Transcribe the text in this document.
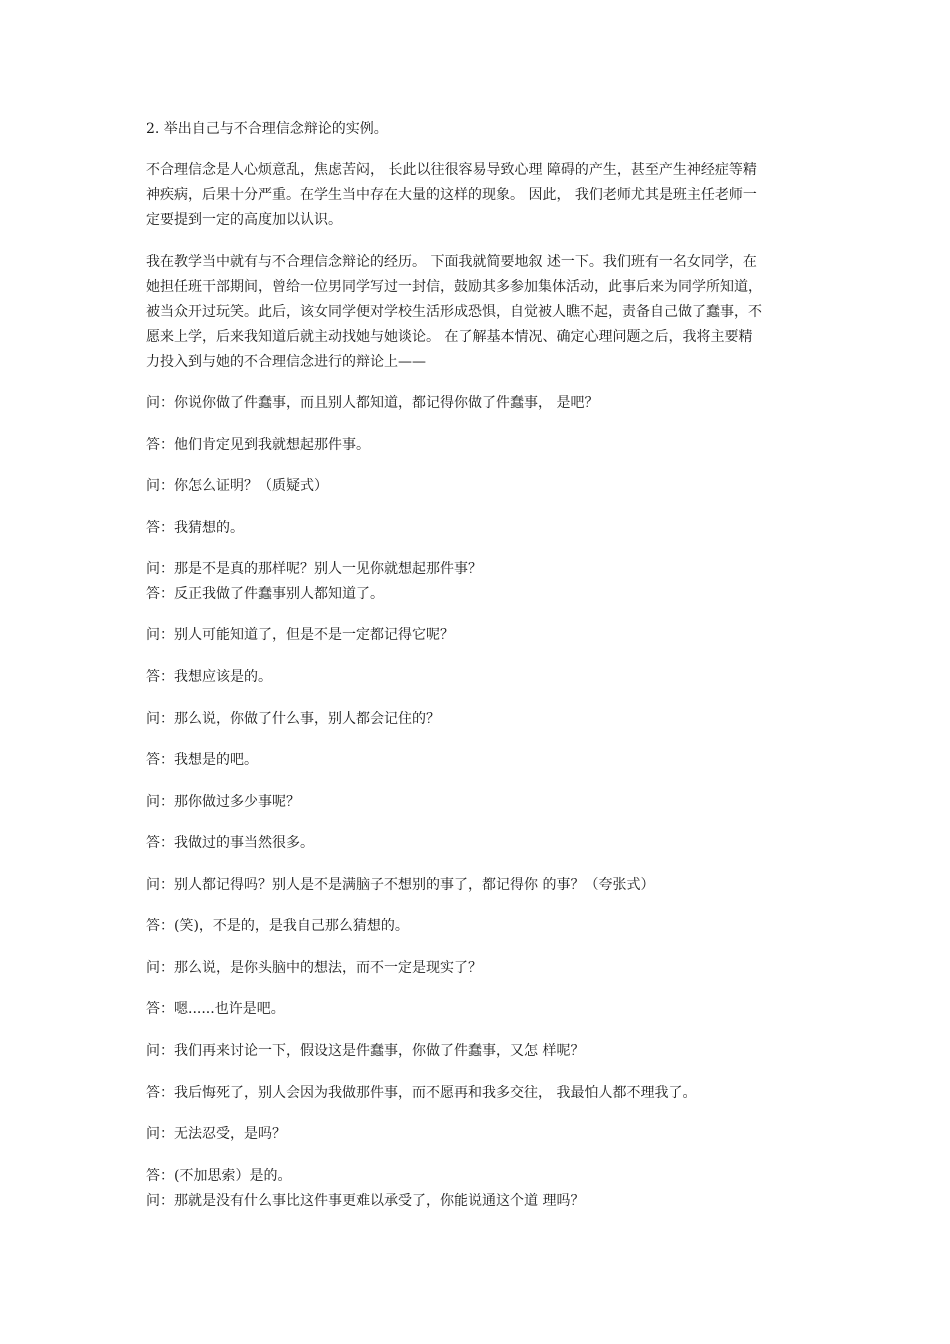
2. 举出自己与不合理信念辩论的实例。
不合理信念是人心烦意乱，焦虑苦闷， 长此以往很容易导致心理 障碍的产生，甚至产生神经症等精
神疾病，后果十分严重。在学生当中存在大量的这样的现象。 因此， 我们老师尤其是班主任老师一
定要提到一定的高度加以认识。
我在教学当中就有与不合理信念辩论的经历。 下面我就简要地叙 述一下。我们班有一名女同学，在
她担任班干部期间，曾给一位男同学写过一封信，鼓励其多参加集体活动，此事后来为同学所知道，
被当众开过玩笑。此后，该女同学便对学校生活形成恐惧，自觉被人瞧不起，责备自己做了蠢事，不
愿来上学，后来我知道后就主动找她与她谈论。 在了解基本情况、确定心理问题之后，我将主要精
力投入到与她的不合理信念进行的辩论上——
问：你说你做了件蠢事，而且别人都知道，都记得你做了件蠢事， 是吧？
答：他们肯定见到我就想起那件事。
问：你怎么证明？（质疑式）
答：我猜想的。
问：那是不是真的那样呢？别人一见你就想起那件事？
答：反正我做了件蠢事别人都知道了。
问：别人可能知道了，但是不是一定都记得它呢？
答：我想应该是的。
问：那么说，你做了什么事，别人都会记住的？
答：我想是的吧。
问：那你做过多少事呢？
答：我做过的事当然很多。
问：别人都记得吗？别人是不是满脑子不想别的事了，都记得你 的事？（夸张式）
答：(笑)，不是的，是我自己那么猜想的。
问：那么说，是你头脑中的想法，而不一定是现实了？
答：嗯......也许是吧。
问：我们再来讨论一下，假设这是件蠢事，你做了件蠢事，又怎 样呢？
答：我后悔死了，别人会因为我做那件事，而不愿再和我多交往， 我最怕人都不理我了。
问：无法忍受，是吗？
答：(不加思索）是的。
问：那就是没有什么事比这件事更难以承受了，你能说通这个道 理吗？
